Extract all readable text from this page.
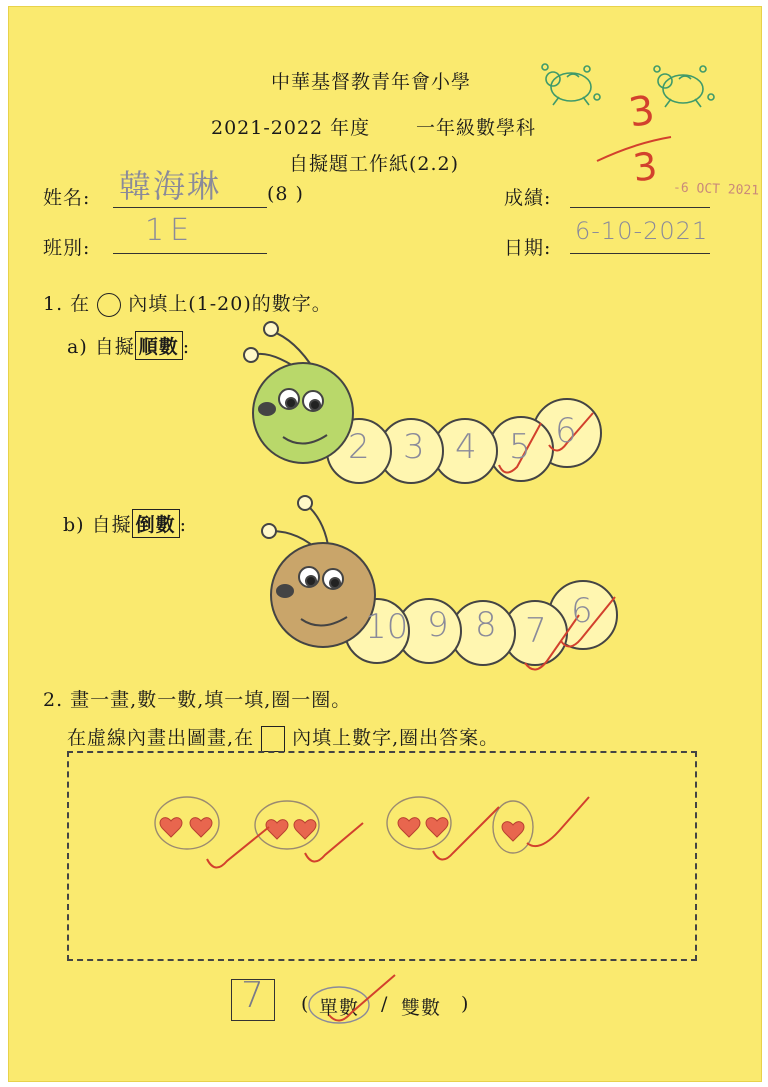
中華基督教青年會小學
2021-2022 年度 一年級數學科
自擬題工作紙(2.2)
3
3 -6 OCT 2021
姓名: 韓海琳 (8 )	成績:
班別: 1E	日期:
6-10-2021
1. 在 內填上(1-20)的數字。
a) 自擬 順數 :
2 3 4 5 6
b) 自擬 倒數 :
10 9 8 7 6
2. 畫一畫,數一數,填一填,圈一圈。
在虛線內畫出圖畫,在 內填上數字,圈出答案。
7 ( 單數 / 雙數 )
